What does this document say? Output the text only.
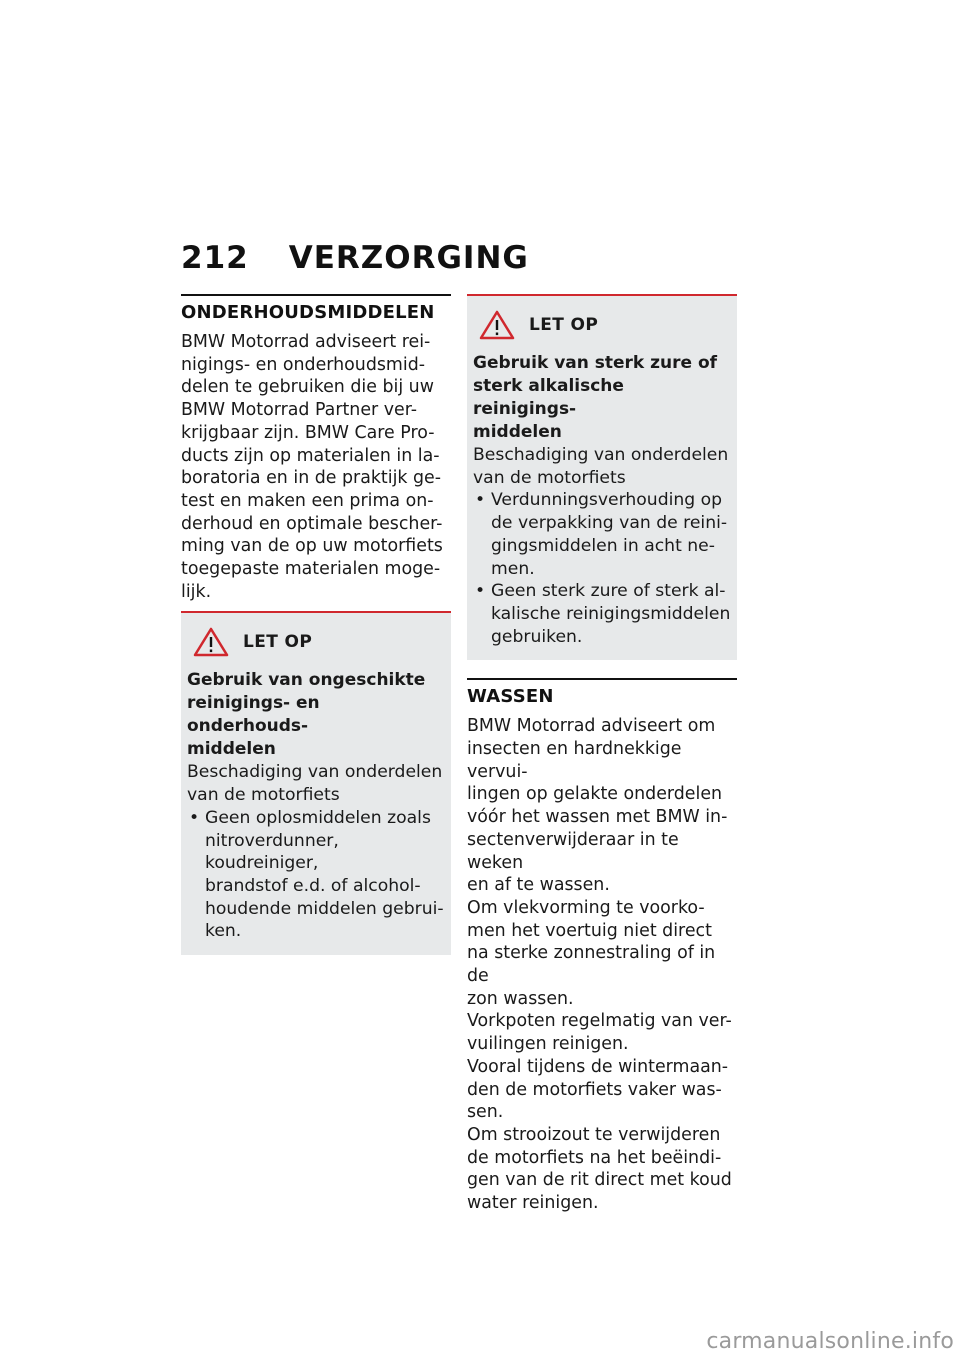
212 VERZORGING
ONDERHOUDSMIDDELEN
BMW Motorrad adviseert rei-
nigings- en onderhoudsmid-
delen te gebruiken die bij uw
BMW Motorrad Partner ver-
krijgbaar zijn. BMW Care Pro-
ducts zijn op materialen in la-
boratoria en in de praktijk ge-
test en maken een prima on-
derhoud en optimale bescher-
ming van de op uw motorfiets
toegepaste materialen moge-
lijk.
LET OP
Gebruik van ongeschikte
reinigings- en onderhouds-
middelen
Beschadiging van onderdelen
van de motorfiets
• Geen oplosmiddelen zoals
nitroverdunner, koudreiniger,
brandstof e.d. of alcohol-
houdende middelen gebrui-
ken.
LET OP
Gebruik van sterk zure of
sterk alkalische reinigings-
middelen
Beschadiging van onderdelen
van de motorfiets
• Verdunningsverhouding op
de verpakking van de reini-
gingsmiddelen in acht ne-
men.
• Geen sterk zure of sterk al-
kalische reinigingsmiddelen
gebruiken.
WASSEN
BMW Motorrad adviseert om
insecten en hardnekkige vervui-
lingen op gelakte onderdelen
vóór het wassen met BMW in-
sectenverwijderaar in te weken
en af te wassen.
Om vlekvorming te voorko-
men het voertuig niet direct
na sterke zonnestraling of in de
zon wassen.
Vorkpoten regelmatig van ver-
vuilingen reinigen.
Vooral tijdens de wintermaan-
den de motorfiets vaker was-
sen.
Om strooizout te verwijderen
de motorfiets na het beëindi-
gen van de rit direct met koud
water reinigen.
carmanualsonline.info
